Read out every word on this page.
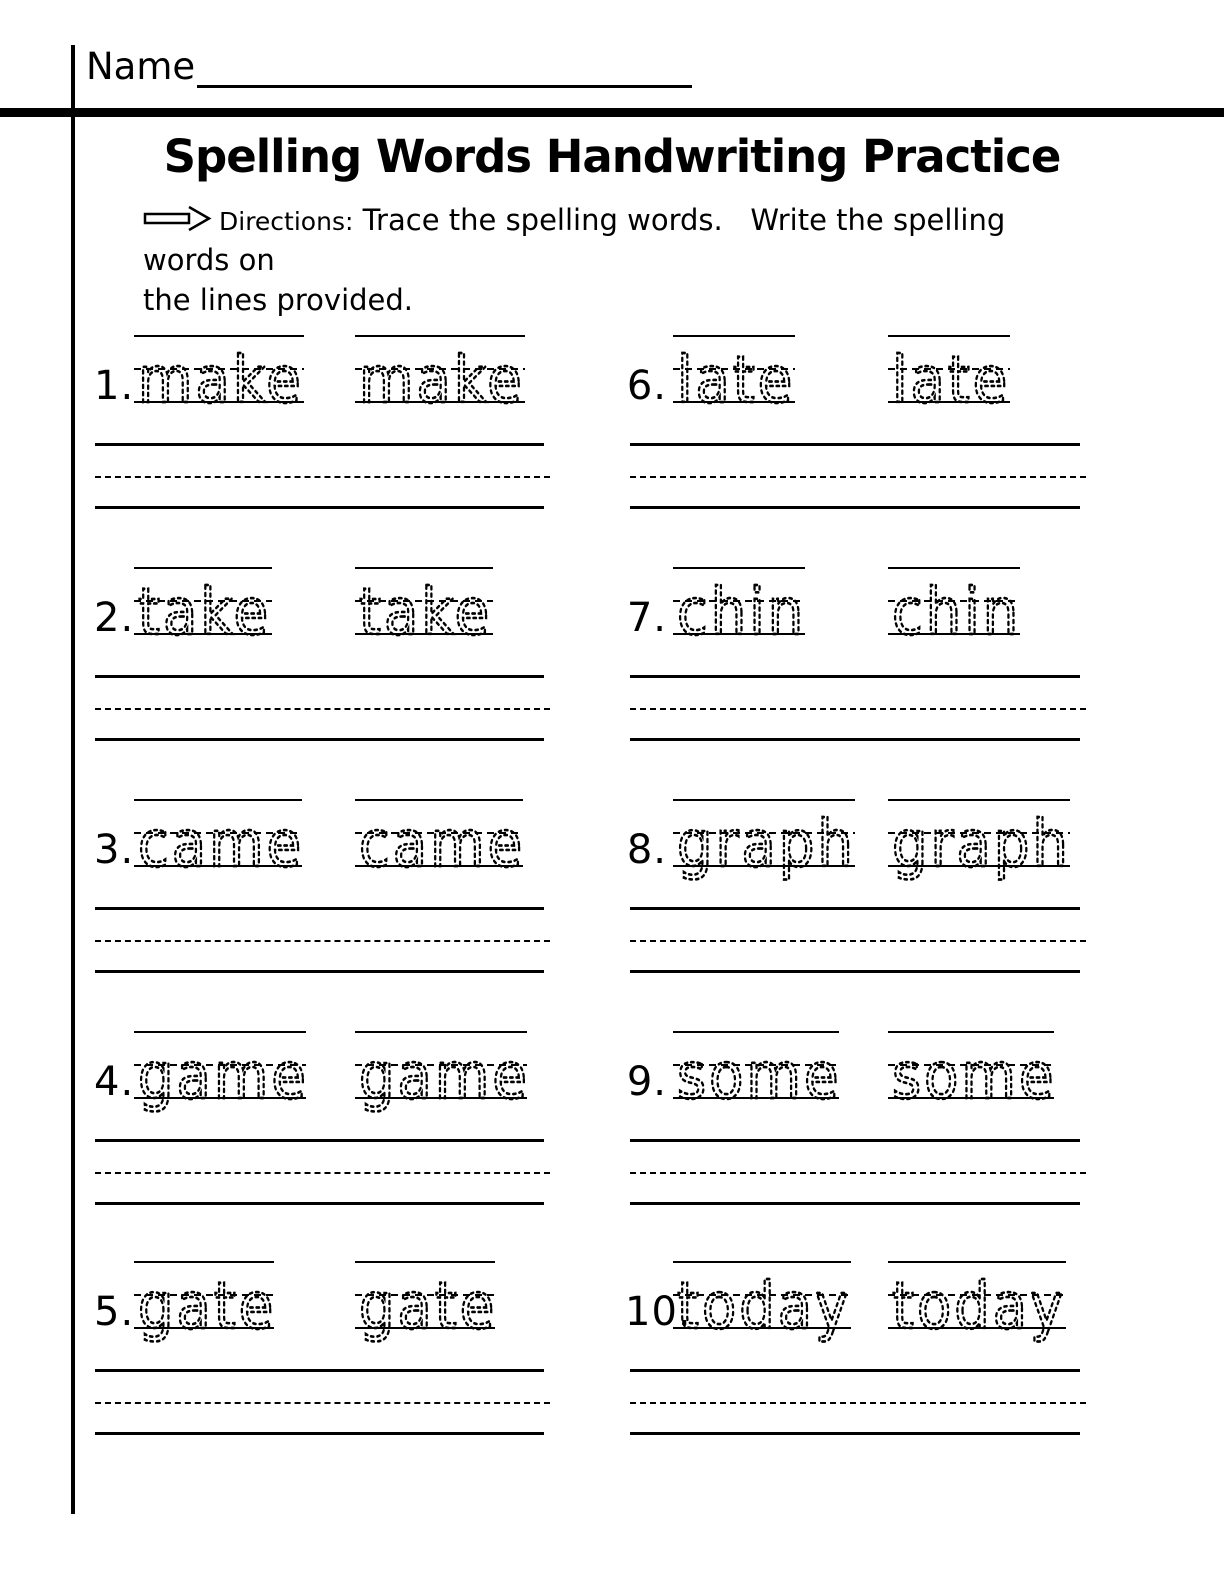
Name
Spelling Words Handwriting Practice
Directions: Trace the spelling words.   Write the spelling words on
the lines provided.
1. make make
2. take take
3. came came
4. game game
5. gate gate
6. late late
7. chin chin
8. graph graph
9. some some
10.
today today
